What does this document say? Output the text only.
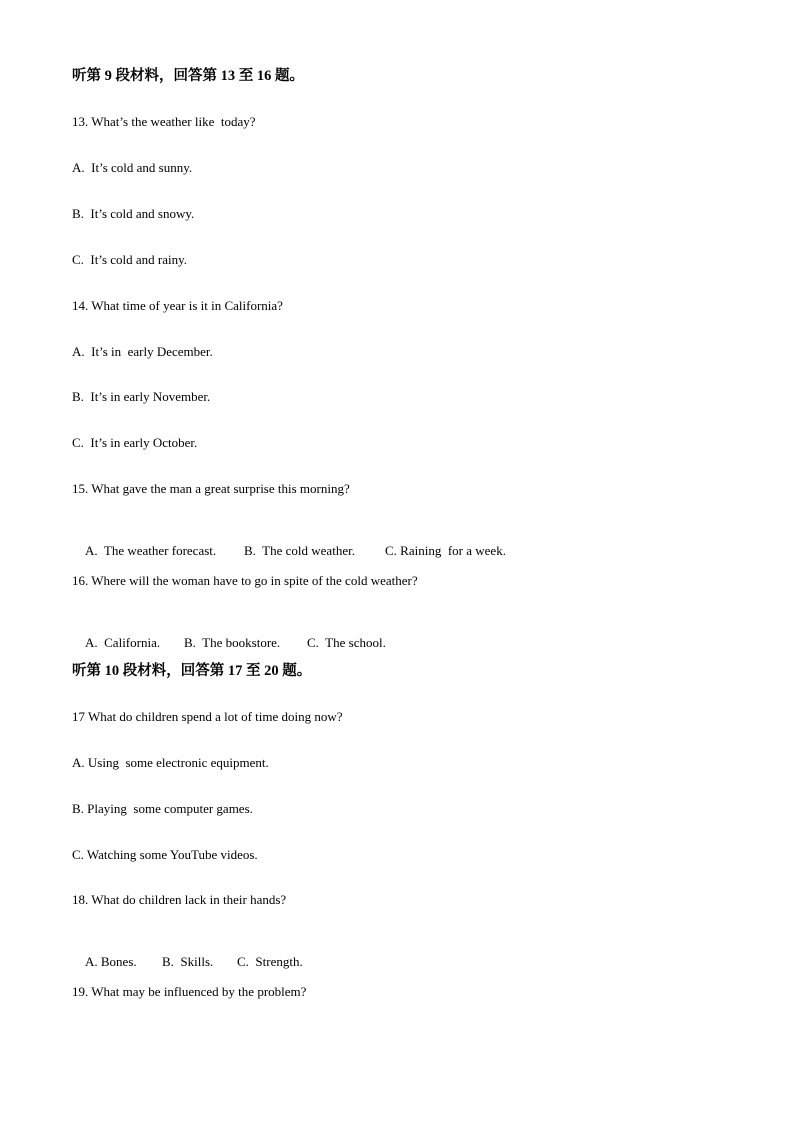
听第 9 段材料，回答第 13 至 16 题。
13. What’s the weather like  today?
A.  It’s cold and sunny.
B.  It’s cold and snowy.
C.  It’s cold and rainy.
14. What time of year is it in California?
A.  It’s in  early December.
B.  It’s in early November.
C.  It’s in early October.
15. What gave the man a great surprise this morning?

A.  The weather forecast. B.  The cold weather. C. Raining  for a week.

16. Where will the woman have to go in spite of the cold weather?

A.  California. B.  The bookstore. C.  The school.

听第 10 段材料，回答第 17 至 20 题。
17 What do children spend a lot of time doing now?
A. Using  some electronic equipment.
B. Playing  some computer games.
C. Watching some YouTube videos.
18. What do children lack in their hands?

A. Bones. B.  Skills. C.  Strength.

19. What may be influenced by the problem?
